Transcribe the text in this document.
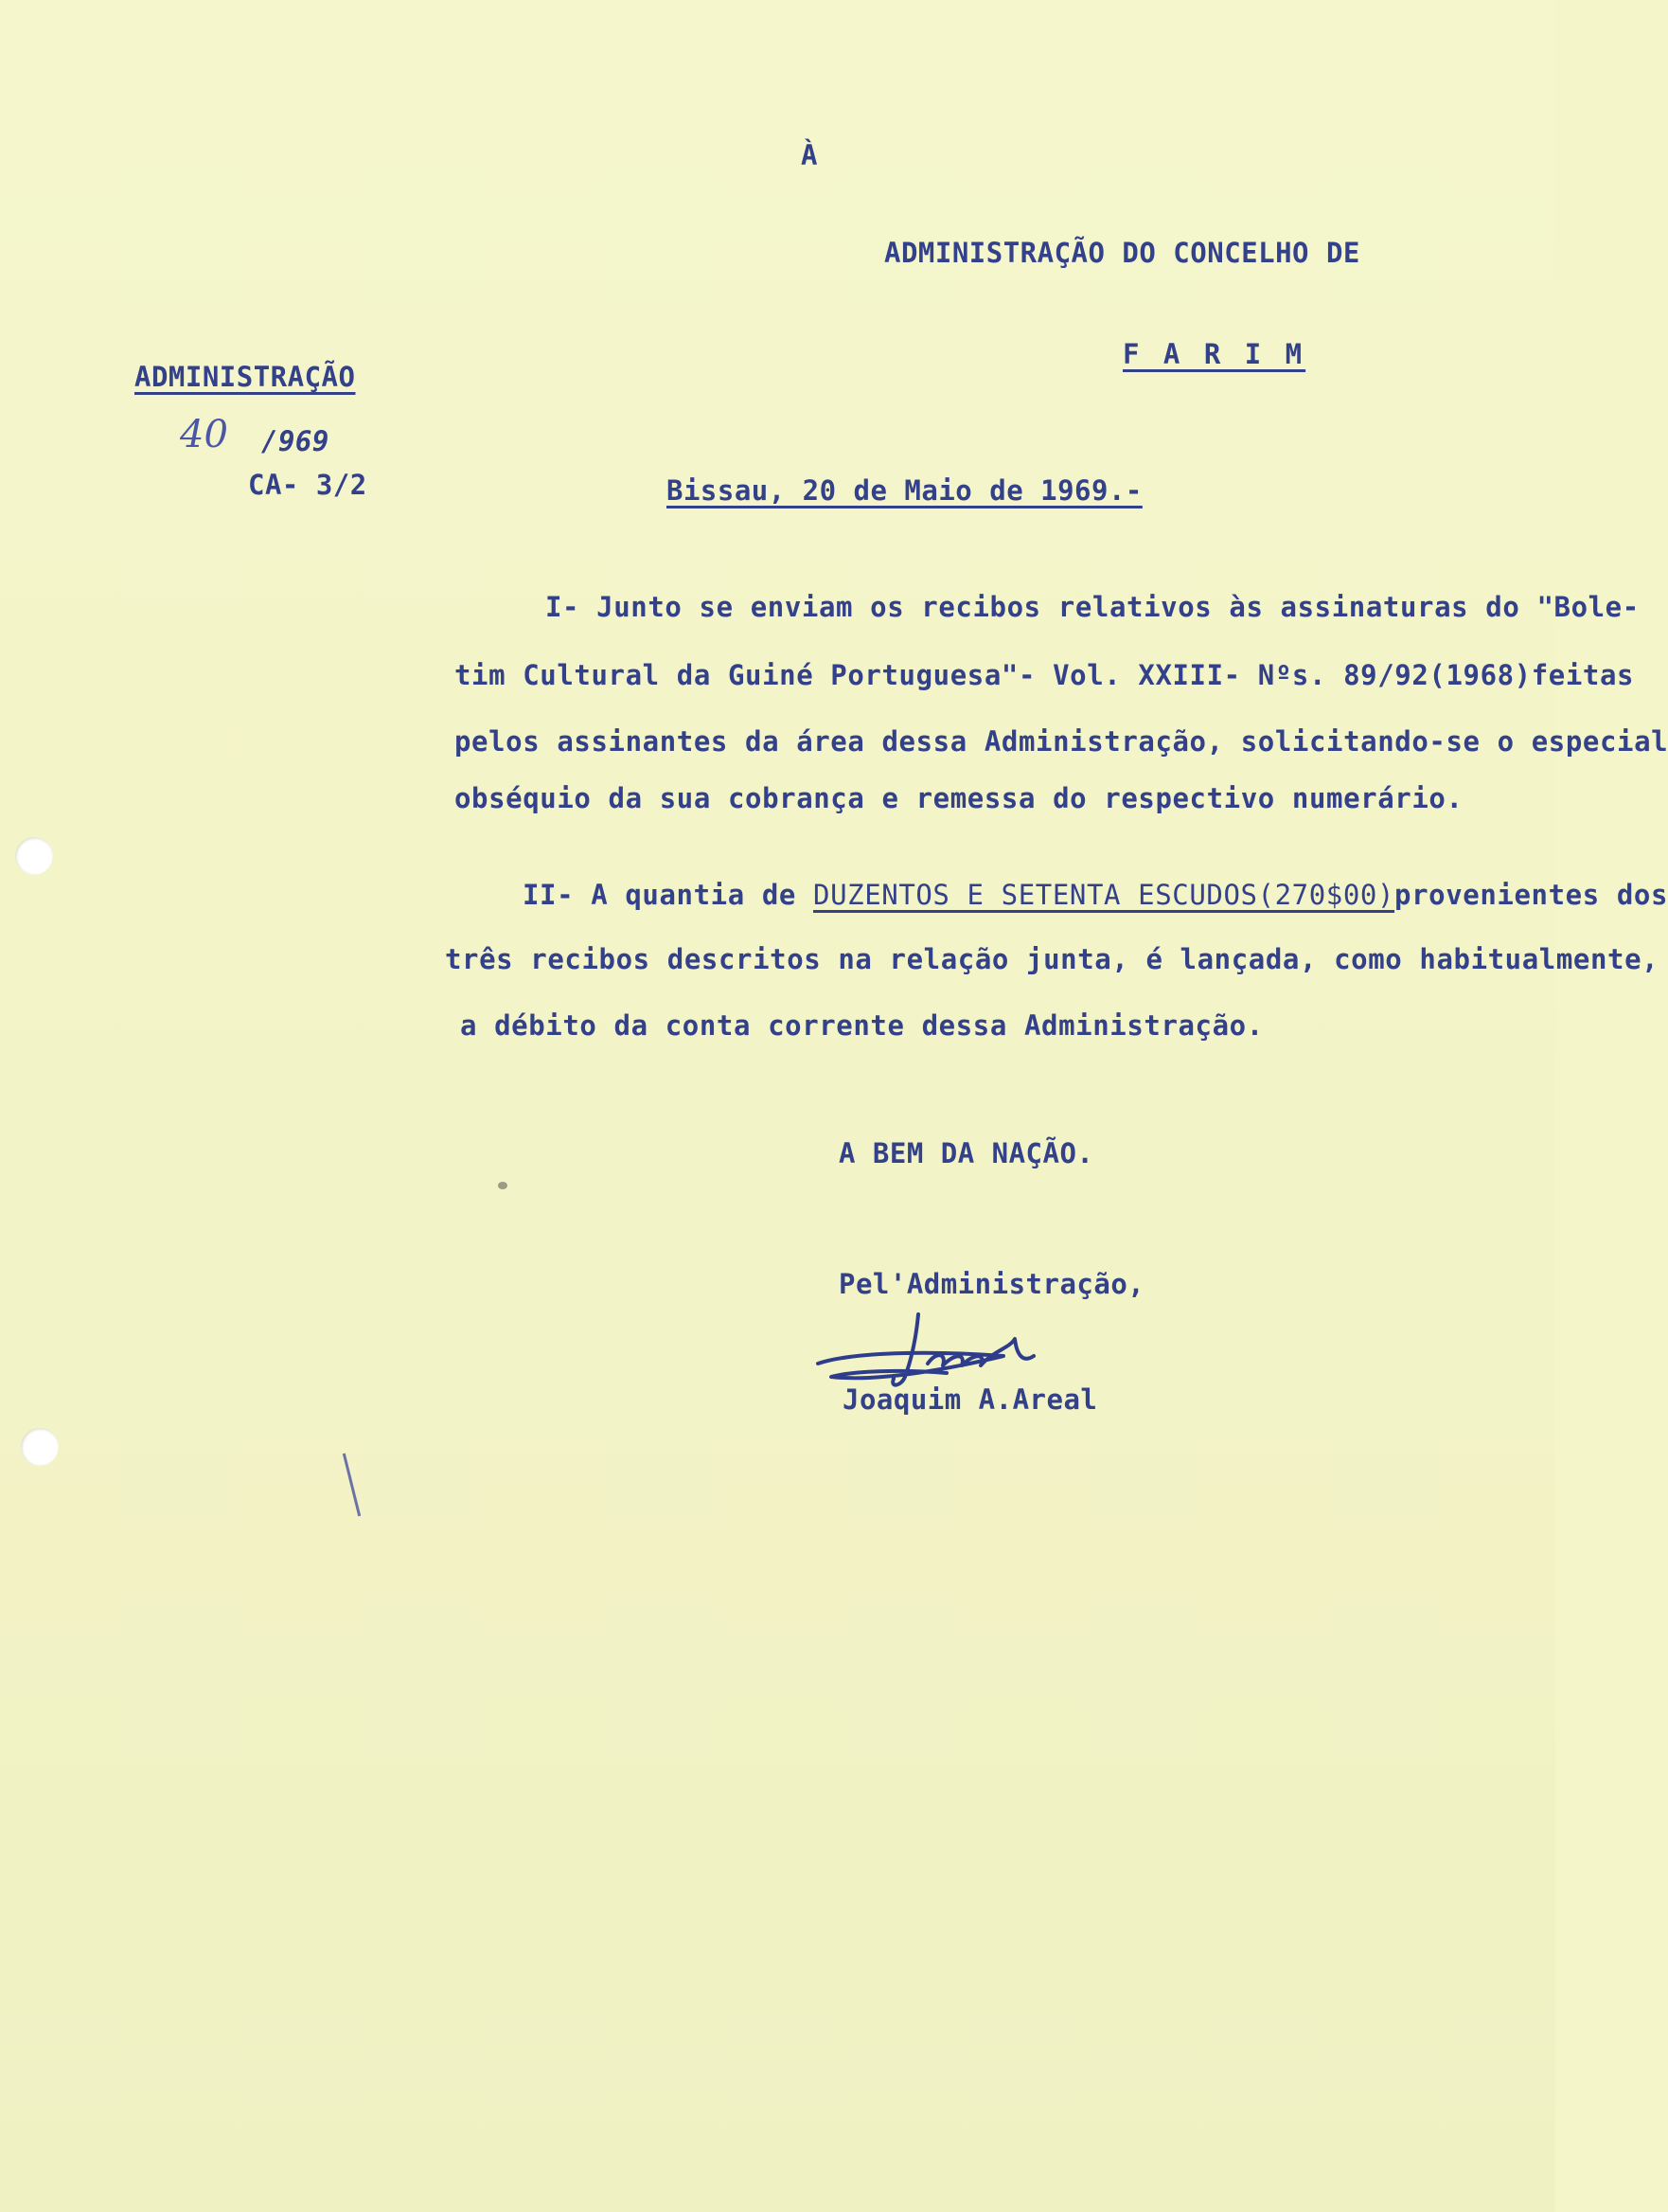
À
ADMINISTRAÇÃO DO CONCELHO DE
F A R I M
ADMINISTRAÇÃO
40 /969
CA- 3/2	Bissau, 20 de Maio de 1969.-
I- Junto se enviam os recibos relativos às assinaturas do "Bole-
tim Cultural da Guiné Portuguesa"- Vol. XXIII- Nºs. 89/92(1968)feitas
pelos assinantes da área dessa Administração, solicitando-se o especial
obséquio da sua cobrança e remessa do respectivo numerário.
II- A quantia de DUZENTOS E SETENTA ESCUDOS(270$00)provenientes dos
três recibos descritos na relação junta, é lançada, como habitualmente,
a débito da conta corrente dessa Administração.
A BEM DA NAÇÃO.
Pel'Administração,
Joaquim A.Areal
